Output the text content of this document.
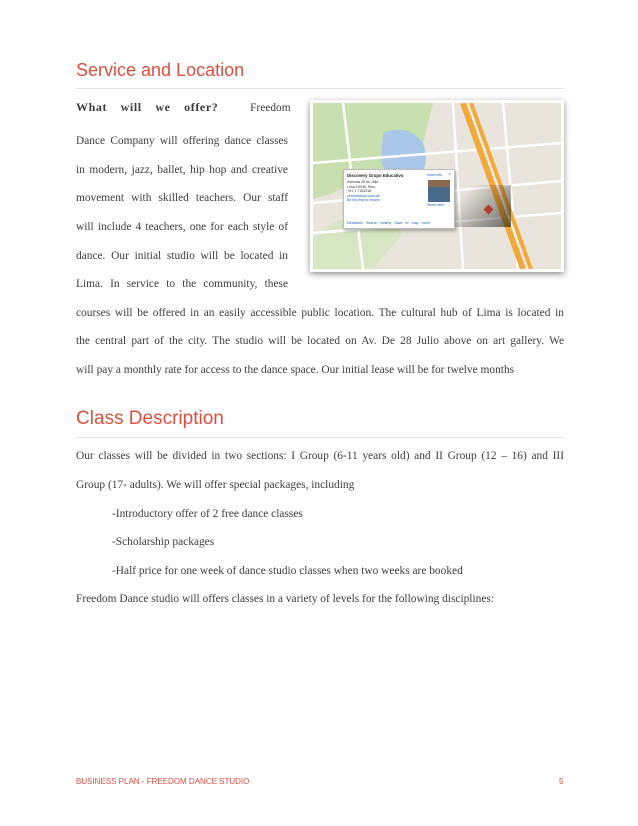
Service and Location
What will we offer?	Freedom
Dance Company will offering dance classes
in modern, jazz, ballet, hip hop and creative
movement with skilled teachers. Our staff
will include 4 teachers, one for each style of
dance. Our initial studio will be located in
Lima. In service to the community, these
courses will be offered in an easily accessible public location. The cultural hub of Lima is located in
the central part of the city. The studio will be located on Av. De 28 Julio above on art gallery. We
will pay a monthly rate for access to the dance space. Our initial lease will be for twelve months
Discovery Grupo Educativo	more info ×
Avenida 28 de Julio
Lima 15046, Peru
+51 1 7153318
centrodanza.com.pe
Be the first to review
Street view
Directions Search nearby Save to map more
Class Description
Our classes will be divided in two sections: I Group (6-11 years old) and II Group (12 – 16) and III
Group (17- adults). We will offer special packages, including
-Introductory offer of 2 free dance classes
-Scholarship packages
-Half price for one week of dance studio classes when two weeks are booked
Freedom Dance studio will offers classes in a variety of levels for the following disciplines:
BUSINESS PLAN - FREEDOM DANCE STUDIO	5
